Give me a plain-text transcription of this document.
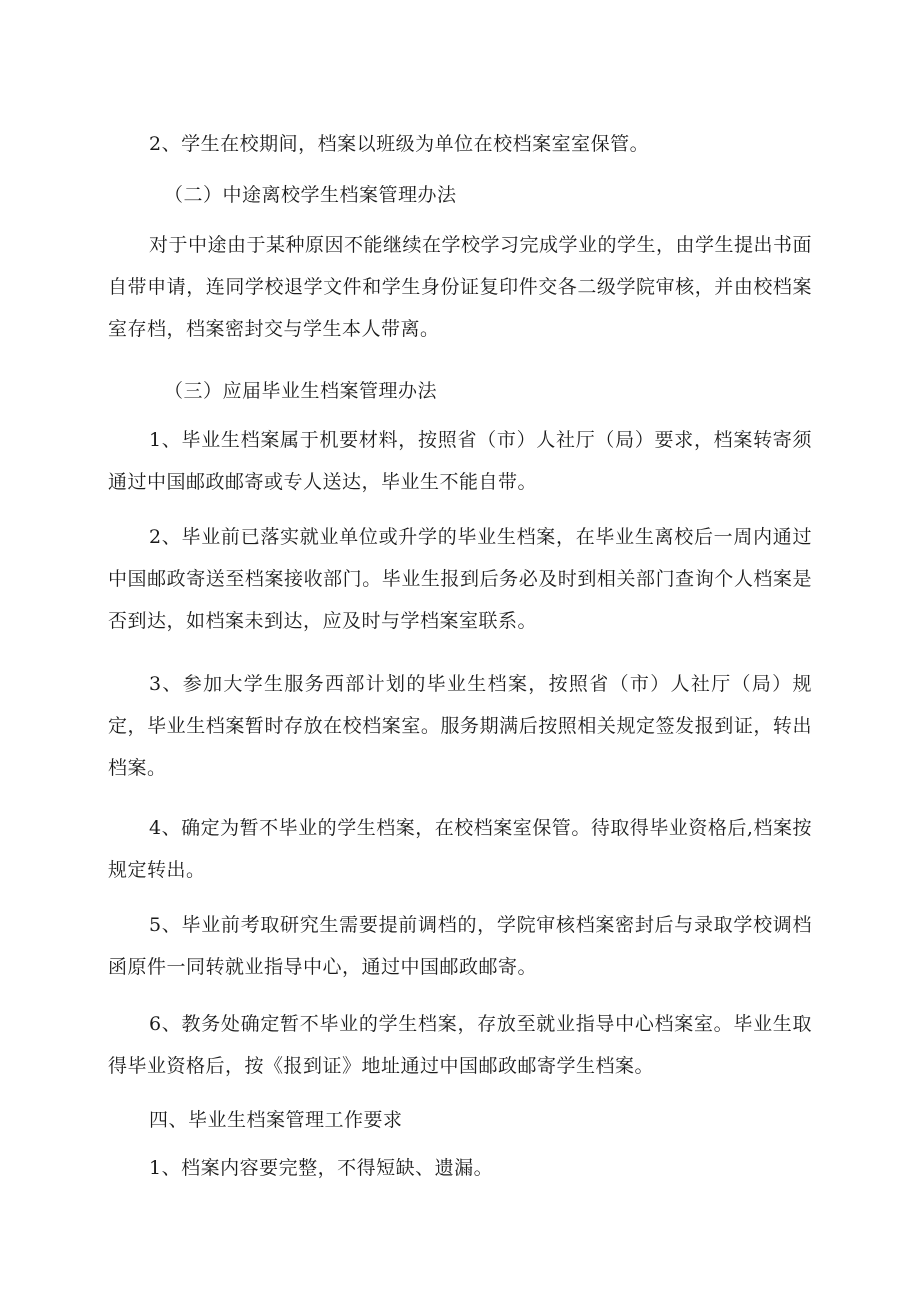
2、学生在校期间，档案以班级为单位在校档案室室保管。

（二）中途离校学生档案管理办法

对于中途由于某种原因不能继续在学校学习完成学业的学生，由学生提出书面自带申请，连同学校退学文件和学生身份证复印件交各二级学院审核，并由校档案室存档，档案密封交与学生本人带离。

（三）应届毕业生档案管理办法

1、毕业生档案属于机要材料，按照省（市）人社厅（局）要求，档案转寄须通过中国邮政邮寄或专人送达，毕业生不能自带。

2、毕业前已落实就业单位或升学的毕业生档案，在毕业生离校后一周内通过中国邮政寄送至档案接收部门。毕业生报到后务必及时到相关部门查询个人档案是否到达，如档案未到达，应及时与学档案室联系。

3、参加大学生服务西部计划的毕业生档案，按照省（市）人社厅（局）规定，毕业生档案暂时存放在校档案室。服务期满后按照相关规定签发报到证，转出档案。

4、确定为暂不毕业的学生档案，在校档案室保管。待取得毕业资格后,档案按规定转出。

5、毕业前考取研究生需要提前调档的，学院审核档案密封后与录取学校调档函原件一同转就业指导中心，通过中国邮政邮寄。

6、教务处确定暂不毕业的学生档案，存放至就业指导中心档案室。毕业生取得毕业资格后，按《报到证》地址通过中国邮政邮寄学生档案。

四、毕业生档案管理工作要求

1、档案内容要完整，不得短缺、遗漏。
